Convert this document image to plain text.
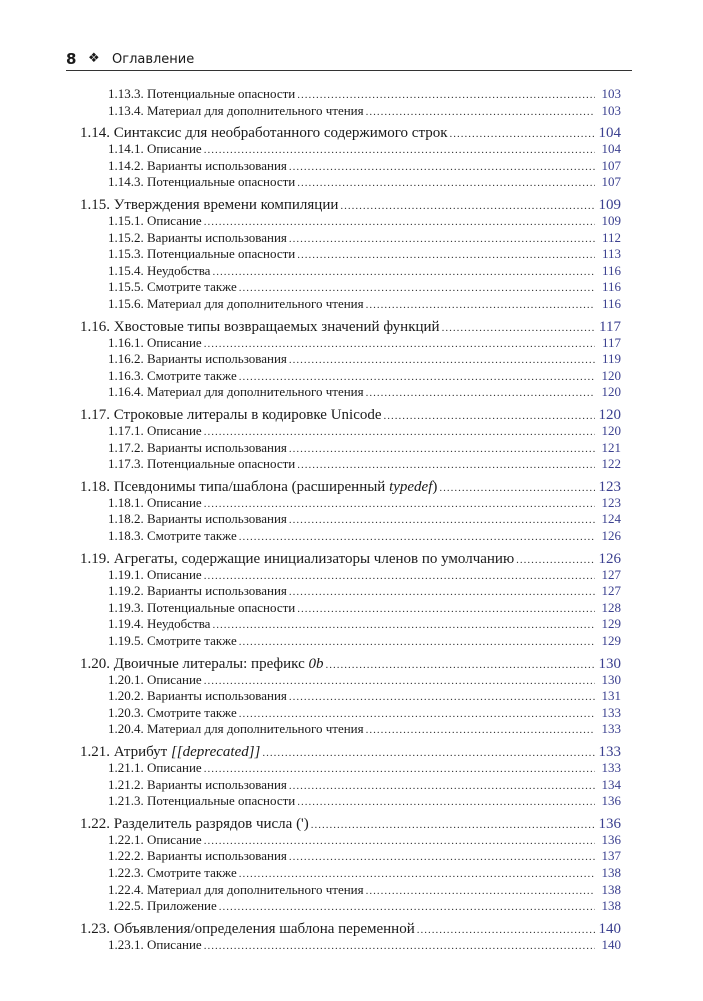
8 ❖ Оглавление
1.13.3. Потенциальные опасности .....	103
1.13.4. Материал для дополнительного чтения .....	103
1.14. Синтаксис для необработанного содержимого строк .....	104
1.14.1. Описание .....	104
1.14.2. Варианты использования .....	107
1.14.3. Потенциальные опасности .....	107
1.15. Утверждения времени компиляции .....	109
1.15.1. Описание .....	109
1.15.2. Варианты использования .....	112
1.15.3. Потенциальные опасности .....	113
1.15.4. Неудобства .....	116
1.15.5. Смотрите также .....	116
1.15.6. Материал для дополнительного чтения .....	116
1.16. Хвостовые типы возвращаемых значений функций .....	117
1.16.1. Описание .....	117
1.16.2. Варианты использования .....	119
1.16.3. Смотрите также .....	120
1.16.4. Материал для дополнительного чтения .....	120
1.17. Строковые литералы в кодировке Unicode .....	120
1.17.1. Описание .....	120
1.17.2. Варианты использования .....	121
1.17.3. Потенциальные опасности .....	122
1.18. Псевдонимы типа/шаблона (расширенный typedef) .....	123
1.18.1. Описание .....	123
1.18.2. Варианты использования .....	124
1.18.3. Смотрите также .....	126
1.19. Агрегаты, содержащие инициализаторы членов по умолчанию .....	126
1.19.1. Описание .....	127
1.19.2. Варианты использования .....	127
1.19.3. Потенциальные опасности .....	128
1.19.4. Неудобства .....	129
1.19.5. Смотрите также .....	129
1.20. Двоичные литералы: префикс 0b .....	130
1.20.1. Описание .....	130
1.20.2. Варианты использования .....	131
1.20.3. Смотрите также .....	133
1.20.4. Материал для дополнительного чтения .....	133
1.21. Атрибут [[deprecated]] .....	133
1.21.1. Описание .....	133
1.21.2. Варианты использования .....	134
1.21.3. Потенциальные опасности .....	136
1.22. Разделитель разрядов числа (') .....	136
1.22.1. Описание .....	136
1.22.2. Варианты использования .....	137
1.22.3. Смотрите также .....	138
1.22.4. Материал для дополнительного чтения .....	138
1.22.5. Приложение .....	138
1.23. Объявления/определения шаблона переменной .....	140
1.23.1. Описание .....	140
